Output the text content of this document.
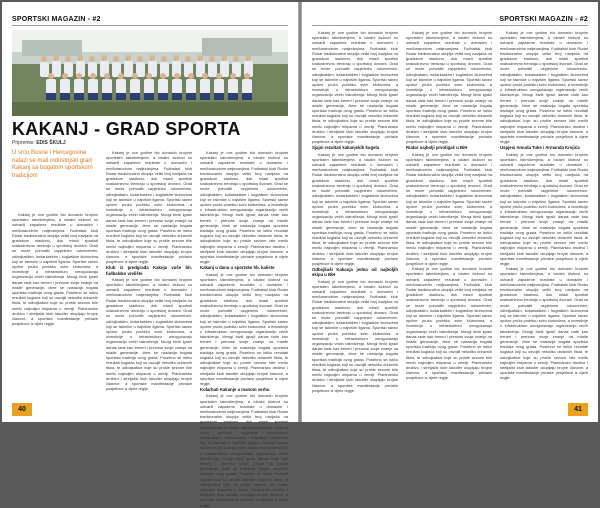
SPORTSKI MAGAZIN - #2
KAKANJ - GRAD SPORTA
Pripremio: EDIS ŠKULJ
U srcu Bosne i Hercegovine nalazi se mali industrijski grad Kakanj sa bogatom sportskom tradicijom

Kakanj je ove godine bio domaćin brojnim sportskim takmičenjima, a lokalni klubovi su ostvarili zapažene rezultate u domaćim i međunarodnim natjecanjima. Fudbalski klub Rudar tradicionalno okuplja veliki broj navijača na gradskom stadionu, dok mladi sportisti svakodnevno treniraju u sportskoj dvorani. Grad se može pohvaliti uspješnim rukometnim, odbojkaškim, košarkaškim i kuglaškim klubovima koji se takmiče u najvišim ligama. Sportski savez općine pruža podršku svim klubovima, a investicije u infrastrukturu omogućavaju organizaciju većih takmičenja. Mnogi bivši igrači danas rade kao treneri i prenose svoje znanje na mlađe generacije, čime se nastavlja bogata sportska tradicija ovog grada. Posebno se ističu rezultati kuglača koji su osvojili nekoliko državnih titula, te odbojkašice koje su prošle sezone bile među najboljim ekipama u zemlji. Planinarsko društvo i streljački klub također okupljaju brojne članove, a sportske manifestacije privlače posjetioce iz cijele regije.

Kakanj je ove godine bio domaćin brojnim sportskim takmičenjima, a lokalni klubovi su ostvarili zapažene rezultate u domaćim i međunarodnim natjecanjima. Fudbalski klub Rudar tradicionalno okuplja veliki broj navijača na gradskom stadionu, dok mladi sportisti svakodnevno treniraju u sportskoj dvorani. Grad se može pohvaliti uspješnim rukometnim, odbojkaškim, košarkaškim i kuglaškim klubovima koji se takmiče u najvišim ligama. Sportski savez općine pruža podršku svim klubovima, a investicije u infrastrukturu omogućavaju organizaciju većih takmičenja. Mnogi bivši igrači danas rade kao treneri i prenose svoje znanje na mlađe generacije, čime se nastavlja bogata sportska tradicija ovog grada. Posebno se ističu rezultati kuglača koji su osvojili nekoliko državnih titula, te odbojkašice koje su prošle sezone bile među najboljim ekipama u zemlji. Planinarsko društvo i streljački klub također okupljaju brojne članove, a sportske manifestacije privlače posjetioce iz cijele regije.

Klub iz predgrađa Kaknja vuče bh. fudbalsko vrelište

Kakanj je ove godine bio domaćin brojnim sportskim takmičenjima, a lokalni klubovi su ostvarili zapažene rezultate u domaćim i međunarodnim natjecanjima. Fudbalski klub Rudar tradicionalno okuplja veliki broj navijača na gradskom stadionu, dok mladi sportisti svakodnevno treniraju u sportskoj dvorani. Grad se može pohvaliti uspješnim rukometnim, odbojkaškim, košarkaškim i kuglaškim klubovima koji se takmiče u najvišim ligama. Sportski savez općine pruža podršku svim klubovima, a investicije u infrastrukturu omogućavaju organizaciju većih takmičenja. Mnogi bivši igrači danas rade kao treneri i prenose svoje znanje na mlađe generacije, čime se nastavlja bogata sportska tradicija ovog grada. Posebno se ističu rezultati kuglača koji su osvojili nekoliko državnih titula, te odbojkašice koje su prošle sezone bile među najboljim ekipama u zemlji. Planinarsko društvo i streljački klub također okupljaju brojne članove, a sportske manifestacije privlače posjetioce iz cijele regije.

Kakanj je ove godine bio domaćin brojnim sportskim takmičenjima, a lokalni klubovi su ostvarili zapažene rezultate u domaćim i međunarodnim natjecanjima. Fudbalski klub Rudar tradicionalno okuplja veliki broj navijača na gradskom stadionu, dok mladi sportisti svakodnevno treniraju u sportskoj dvorani. Grad se može pohvaliti uspješnim rukometnim, odbojkaškim, košarkaškim i kuglaškim klubovima koji se takmiče u najvišim ligama. Sportski savez općine pruža podršku svim klubovima, a investicije u infrastrukturu omogućavaju organizaciju većih takmičenja. Mnogi bivši igrači danas rade kao treneri i prenose svoje znanje na mlađe generacije, čime se nastavlja bogata sportska tradicija ovog grada. Posebno se ističu rezultati kuglača koji su osvojili nekoliko državnih titula, te odbojkašice koje su prošle sezone bile među najboljim ekipama u zemlji. Planinarsko društvo i streljački klub također okupljaju brojne članove, a sportske manifestacije privlače posjetioce iz cijele regije.

Kakanj u danu u sportske hb. kaliste

Kakanj je ove godine bio domaćin brojnim sportskim takmičenjima, a lokalni klubovi su ostvarili zapažene rezultate u domaćim i međunarodnim natjecanjima. Fudbalski klub Rudar tradicionalno okuplja veliki broj navijača na gradskom stadionu, dok mladi sportisti svakodnevno treniraju u sportskoj dvorani. Grad se može pohvaliti uspješnim rukometnim, odbojkaškim, košarkaškim i kuglaškim klubovima koji se takmiče u najvišim ligama. Sportski savez općine pruža podršku svim klubovima, a investicije u infrastrukturu omogućavaju organizaciju većih takmičenja. Mnogi bivši igrači danas rade kao treneri i prenose svoje znanje na mlađe generacije, čime se nastavlja bogata sportska tradicija ovog grada. Posebno se ističu rezultati kuglača koji su osvojili nekoliko državnih titula, te odbojkašice koje su prošle sezone bile među najboljim ekipama u zemlji. Planinarsko društvo i streljački klub također okupljaju brojne članove, a sportske manifestacije privlače posjetioce iz cijele regije.

Kolarbati Kakanje u manom verhu

Kakanj je ove godine bio domaćin brojnim sportskim takmičenjima, a lokalni klubovi su ostvarili zapažene rezultate u domaćim i međunarodnim natjecanjima. Fudbalski klub Rudar tradicionalno okuplja veliki broj navijača na gradskom stadionu, dok mladi sportisti svakodnevno treniraju u sportskoj dvorani. Grad se može pohvaliti uspješnim rukometnim, odbojkaškim, košarkaškim i kuglaškim klubovima koji se takmiče u najvišim ligama. Sportski savez općine pruža podršku svim klubovima, a investicije u infrastrukturu omogućavaju organizaciju većih takmičenja. Mnogi bivši igrači danas rade kao treneri i prenose svoje znanje na mlađe generacije, čime se nastavlja bogata sportska tradicija ovog grada. Posebno se ističu rezultati kuglača koji su osvojili nekoliko državnih titula, te odbojkašice koje su prošle sezone bile među najboljim ekipama u zemlji. Planinarsko društvo i streljački klub također okupljaju brojne članove, a sportske manifestacije privlače posjetioce iz cijele regije.

40
SPORTSKI MAGAZIN - #2

Kakanj je ove godine bio domaćin brojnim sportskim takmičenjima, a lokalni klubovi su ostvarili zapažene rezultate u domaćim i međunarodnim natjecanjima. Fudbalski klub Rudar tradicionalno okuplja veliki broj navijača na gradskom stadionu, dok mladi sportisti svakodnevno treniraju u sportskoj dvorani. Grad se može pohvaliti uspješnim rukometnim, odbojkaškim, košarkaškim i kuglaškim klubovima koji se takmiče u najvišim ligama. Sportski savez općine pruža podršku svim klubovima, a investicije u infrastrukturu omogućavaju organizaciju većih takmičenja. Mnogi bivši igrači danas rade kao treneri i prenose svoje znanje na mlađe generacije, čime se nastavlja bogata sportska tradicija ovog grada. Posebno se ističu rezultati kuglača koji su osvojili nekoliko državnih titula, te odbojkašice koje su prošle sezone bile među najboljim ekipama u zemlji. Planinarsko društvo i streljački klub također okupljaju brojne članove, a sportske manifestacije privlače posjetioce iz cijele regije.

Sjajni rezultati kakanjskih kugela

Kakanj je ove godine bio domaćin brojnim sportskim takmičenjima, a lokalni klubovi su ostvarili zapažene rezultate u domaćim i međunarodnim natjecanjima. Fudbalski klub Rudar tradicionalno okuplja veliki broj navijača na gradskom stadionu, dok mladi sportisti svakodnevno treniraju u sportskoj dvorani. Grad se može pohvaliti uspješnim rukometnim, odbojkaškim, košarkaškim i kuglaškim klubovima koji se takmiče u najvišim ligama. Sportski savez općine pruža podršku svim klubovima, a investicije u infrastrukturu omogućavaju organizaciju većih takmičenja. Mnogi bivši igrači danas rade kao treneri i prenose svoje znanje na mlađe generacije, čime se nastavlja bogata sportska tradicija ovog grada. Posebno se ističu rezultati kuglača koji su osvojili nekoliko državnih titula, te odbojkašice koje su prošle sezone bile među najboljim ekipama u zemlji. Planinarsko društvo i streljački klub također okupljaju brojne članove, a sportske manifestacije privlače posjetioce iz cijele regije.

Odbojkaši Kakanja jedna od najboljih ekipa u BiH

Kakanj je ove godine bio domaćin brojnim sportskim takmičenjima, a lokalni klubovi su ostvarili zapažene rezultate u domaćim i međunarodnim natjecanjima. Fudbalski klub Rudar tradicionalno okuplja veliki broj navijača na gradskom stadionu, dok mladi sportisti svakodnevno treniraju u sportskoj dvorani. Grad se može pohvaliti uspješnim rukometnim, odbojkaškim, košarkaškim i kuglaškim klubovima koji se takmiče u najvišim ligama. Sportski savez općine pruža podršku svim klubovima, a investicije u infrastrukturu omogućavaju organizaciju većih takmičenja. Mnogi bivši igrači danas rade kao treneri i prenose svoje znanje na mlađe generacije, čime se nastavlja bogata sportska tradicija ovog grada. Posebno se ističu rezultati kuglača koji su osvojili nekoliko državnih titula, te odbojkašice koje su prošle sezone bile među najboljim ekipama u zemlji. Planinarsko društvo i streljački klub također okupljaju brojne članove, a sportske manifestacije privlače posjetioce iz cijele regije.

Kakanj je ove godine bio domaćin brojnim sportskim takmičenjima, a lokalni klubovi su ostvarili zapažene rezultate u domaćim i međunarodnim natjecanjima. Fudbalski klub Rudar tradicionalno okuplja veliki broj navijača na gradskom stadionu, dok mladi sportisti svakodnevno treniraju u sportskoj dvorani. Grad se može pohvaliti uspješnim rukometnim, odbojkaškim, košarkaškim i kuglaškim klubovima koji se takmiče u najvišim ligama. Sportski savez općine pruža podršku svim klubovima, a investicije u infrastrukturu omogućavaju organizaciju većih takmičenja. Mnogi bivši igrači danas rade kao treneri i prenose svoje znanje na mlađe generacije, čime se nastavlja bogata sportska tradicija ovog grada. Posebno se ističu rezultati kuglača koji su osvojili nekoliko državnih titula, te odbojkašice koje su prošle sezone bile među najboljim ekipama u zemlji. Planinarsko društvo i streljački klub također okupljaju brojne članove, a sportske manifestacije privlače posjetioce iz cijele regije.

Rudar najbolji prvoligaš u BiH

Kakanj je ove godine bio domaćin brojnim sportskim takmičenjima, a lokalni klubovi su ostvarili zapažene rezultate u domaćim i međunarodnim natjecanjima. Fudbalski klub Rudar tradicionalno okuplja veliki broj navijača na gradskom stadionu, dok mladi sportisti svakodnevno treniraju u sportskoj dvorani. Grad se može pohvaliti uspješnim rukometnim, odbojkaškim, košarkaškim i kuglaškim klubovima koji se takmiče u najvišim ligama. Sportski savez općine pruža podršku svim klubovima, a investicije u infrastrukturu omogućavaju organizaciju većih takmičenja. Mnogi bivši igrači danas rade kao treneri i prenose svoje znanje na mlađe generacije, čime se nastavlja bogata sportska tradicija ovog grada. Posebno se ističu rezultati kuglača koji su osvojili nekoliko državnih titula, te odbojkašice koje su prošle sezone bile među najboljim ekipama u zemlji. Planinarsko društvo i streljački klub također okupljaju brojne članove, a sportske manifestacije privlače posjetioce iz cijele regije.

Kakanj je ove godine bio domaćin brojnim sportskim takmičenjima, a lokalni klubovi su ostvarili zapažene rezultate u domaćim i međunarodnim natjecanjima. Fudbalski klub Rudar tradicionalno okuplja veliki broj navijača na gradskom stadionu, dok mladi sportisti svakodnevno treniraju u sportskoj dvorani. Grad se može pohvaliti uspješnim rukometnim, odbojkaškim, košarkaškim i kuglaškim klubovima koji se takmiče u najvišim ligama. Sportski savez općine pruža podršku svim klubovima, a investicije u infrastrukturu omogućavaju organizaciju većih takmičenja. Mnogi bivši igrači danas rade kao treneri i prenose svoje znanje na mlađe generacije, čime se nastavlja bogata sportska tradicija ovog grada. Posebno se ističu rezultati kuglača koji su osvojili nekoliko državnih titula, te odbojkašice koje su prošle sezone bile među najboljim ekipama u zemlji. Planinarsko društvo i streljački klub također okupljaju brojne članove, a sportske manifestacije privlače posjetioce iz cijele regije.

Kakanj je ove godine bio domaćin brojnim sportskim takmičenjima, a lokalni klubovi su ostvarili zapažene rezultate u domaćim i međunarodnim natjecanjima. Fudbalski klub Rudar tradicionalno okuplja veliki broj navijača na gradskom stadionu, dok mladi sportisti svakodnevno treniraju u sportskoj dvorani. Grad se može pohvaliti uspješnim rukometnim, odbojkaškim, košarkaškim i kuglaškim klubovima koji se takmiče u najvišim ligama. Sportski savez općine pruža podršku svim klubovima, a investicije u infrastrukturu omogućavaju organizaciju većih takmičenja. Mnogi bivši igrači danas rade kao treneri i prenose svoje znanje na mlađe generacije, čime se nastavlja bogata sportska tradicija ovog grada. Posebno se ističu rezultati kuglača koji su osvojili nekoliko državnih titula, te odbojkašice koje su prošle sezone bile među najboljim ekipama u zemlji. Planinarsko društvo i streljački klub također okupljaju brojne članove, a sportske manifestacije privlače posjetioce iz cijele regije.

Uspjesi Amuda Tuke i Armanda Krojića

Kakanj je ove godine bio domaćin brojnim sportskim takmičenjima, a lokalni klubovi su ostvarili zapažene rezultate u domaćim i međunarodnim natjecanjima. Fudbalski klub Rudar tradicionalno okuplja veliki broj navijača na gradskom stadionu, dok mladi sportisti svakodnevno treniraju u sportskoj dvorani. Grad se može pohvaliti uspješnim rukometnim, odbojkaškim, košarkaškim i kuglaškim klubovima koji se takmiče u najvišim ligama. Sportski savez općine pruža podršku svim klubovima, a investicije u infrastrukturu omogućavaju organizaciju većih takmičenja. Mnogi bivši igrači danas rade kao treneri i prenose svoje znanje na mlađe generacije, čime se nastavlja bogata sportska tradicija ovog grada. Posebno se ističu rezultati kuglača koji su osvojili nekoliko državnih titula, te odbojkašice koje su prošle sezone bile među najboljim ekipama u zemlji. Planinarsko društvo i streljački klub također okupljaju brojne članove, a sportske manifestacije privlače posjetioce iz cijele regije.

Kakanj je ove godine bio domaćin brojnim sportskim takmičenjima, a lokalni klubovi su ostvarili zapažene rezultate u domaćim i međunarodnim natjecanjima. Fudbalski klub Rudar tradicionalno okuplja veliki broj navijača na gradskom stadionu, dok mladi sportisti svakodnevno treniraju u sportskoj dvorani. Grad se može pohvaliti uspješnim rukometnim, odbojkaškim, košarkaškim i kuglaškim klubovima koji se takmiče u najvišim ligama. Sportski savez općine pruža podršku svim klubovima, a investicije u infrastrukturu omogućavaju organizaciju većih takmičenja. Mnogi bivši igrači danas rade kao treneri i prenose svoje znanje na mlađe generacije, čime se nastavlja bogata sportska tradicija ovog grada. Posebno se ističu rezultati kuglača koji su osvojili nekoliko državnih titula, te odbojkašice koje su prošle sezone bile među najboljim ekipama u zemlji. Planinarsko društvo i streljački klub također okupljaju brojne članove, a sportske manifestacije privlače posjetioce iz cijele regije.

41
